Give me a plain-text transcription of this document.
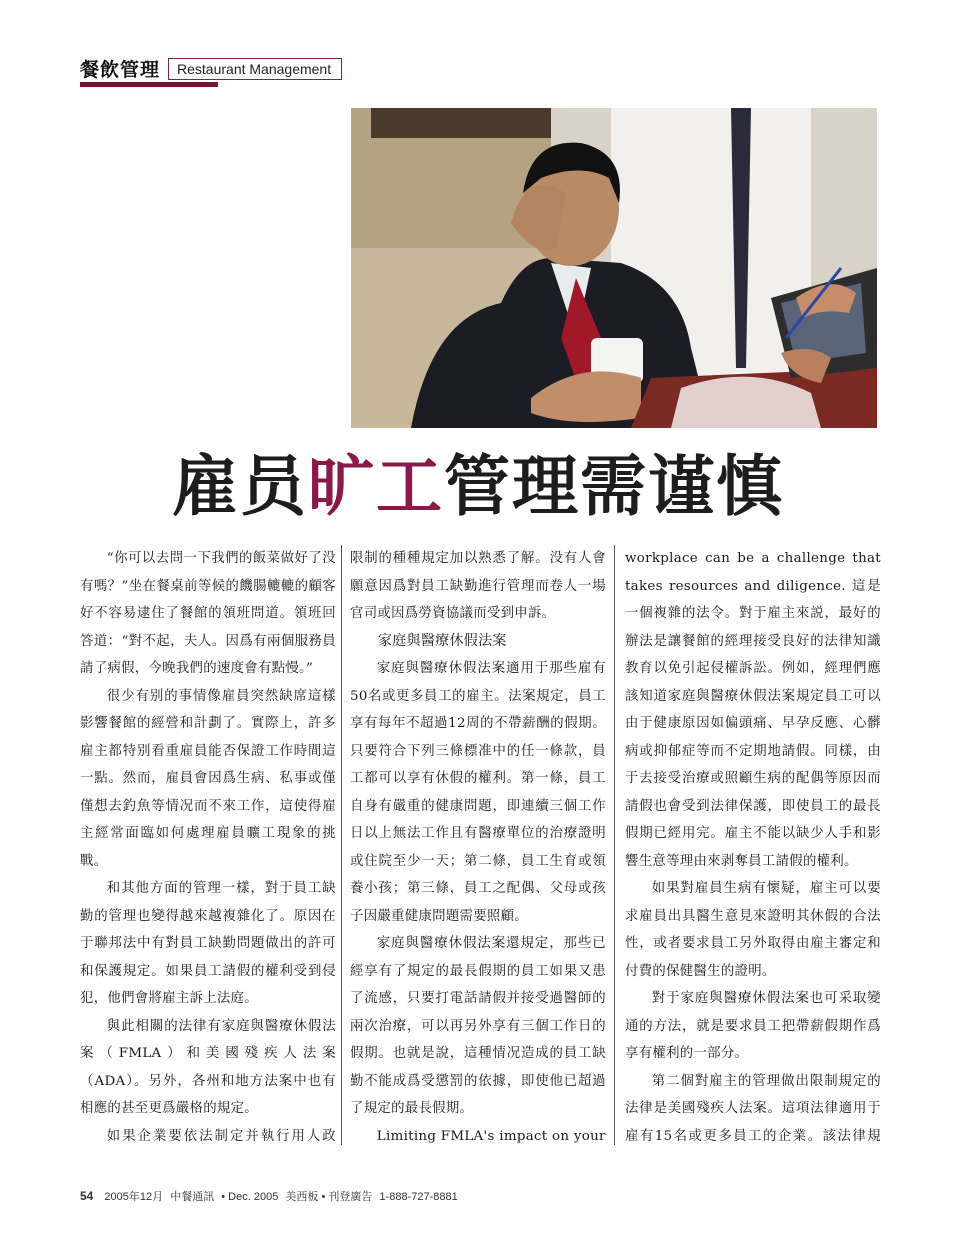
餐飲管理	Restaurant Management
雇员旷工管理需谨慎

“你可以去問一下我們的飯菜做好了没有嗎？”坐在餐桌前等候的饑腸轆轆的顧客好不容易逮住了餐館的領班問道。領班回答道：“對不起，夫人。因爲有兩個服務員請了病假，今晚我們的速度會有點慢。”

很少有别的事情像雇員突然缺席這樣影響餐館的經營和計劃了。實際上，許多雇主都特别看重雇員能否保證工作時間這一點。然而，雇員會因爲生病、私事或僅僅想去釣魚等情况而不來工作，這使得雇主經常面臨如何處理雇員曠工現象的挑戰。

和其他方面的管理一樣，對于員工缺勤的管理也變得越來越複雜化了。原因在于聯邦法中有對員工缺勤問題做出的許可和保護規定。如果員工請假的權利受到侵犯，他們會將雇主訴上法庭。

與此相關的法律有家庭與醫療休假法案（FMLA）和美國殘疾人法案（ADA）。另外，各州和地方法案中也有相應的甚至更爲嚴格的規定。

如果企業要依法制定并執行用人政

限制的種種規定加以熟悉了解。没有人會願意因爲對員工缺勤進行管理而卷人一場官司或因爲勞資協議而受到申訴。

家庭與醫療休假法案

家庭與醫療休假法案適用于那些雇有50名或更多員工的雇主。法案規定，員工享有每年不超過12周的不帶薪酬的假期。只要符合下列三條標准中的任一條款，員工都可以享有休假的權利。第一條，員工自身有嚴重的健康問題，即連續三個工作日以上無法工作且有醫療單位的治療證明或住院至少一天；第二條，員工生育或領養小孩；第三條，員工之配偶、父母或孩子因嚴重健康問題需要照顧。

家庭與醫療休假法案還規定，那些已經享有了規定的最長假期的員工如果又患了流感，只要打電話請假并接受過醫師的兩次治療，可以再另外享有三個工作日的假期。也就是說，這種情况造成的員工缺勤不能成爲受懲罰的依據，即使他已超過了規定的最長假期。

Limiting FMLA's impact on your

workplace can be a challenge that takes resources and diligence. 這是一個複雜的法令。對于雇主來説，最好的辦法是讓餐館的經理接受良好的法律知識教育以免引起侵權訴訟。例如，經理們應該知道家庭與醫療休假法案規定員工可以由于健康原因如偏頭痛、早孕反應、心髒病或抑郁症等而不定期地請假。同樣，由于去接受治療或照顧生病的配偶等原因而請假也會受到法律保護，即使員工的最長假期已經用完。雇主不能以缺少人手和影響生意等理由來剥奪員工請假的權利。

如果對雇員生病有懷疑，雇主可以要求雇員出具醫生意見來證明其休假的合法性，或者要求員工另外取得由雇主審定和付費的保健醫生的證明。

對于家庭與醫療休假法案也可采取變通的方法，就是要求員工把帶薪假期作爲享有權利的一部分。

第二個對雇主的管理做出限制規定的法律是美國殘疾人法案。這項法律適用于雇有15名或更多員工的企業。該法律規

54 2005年12月 中餐通訊 • Dec. 2005 美西板 • 刊登廣告 1-888-727-8881
